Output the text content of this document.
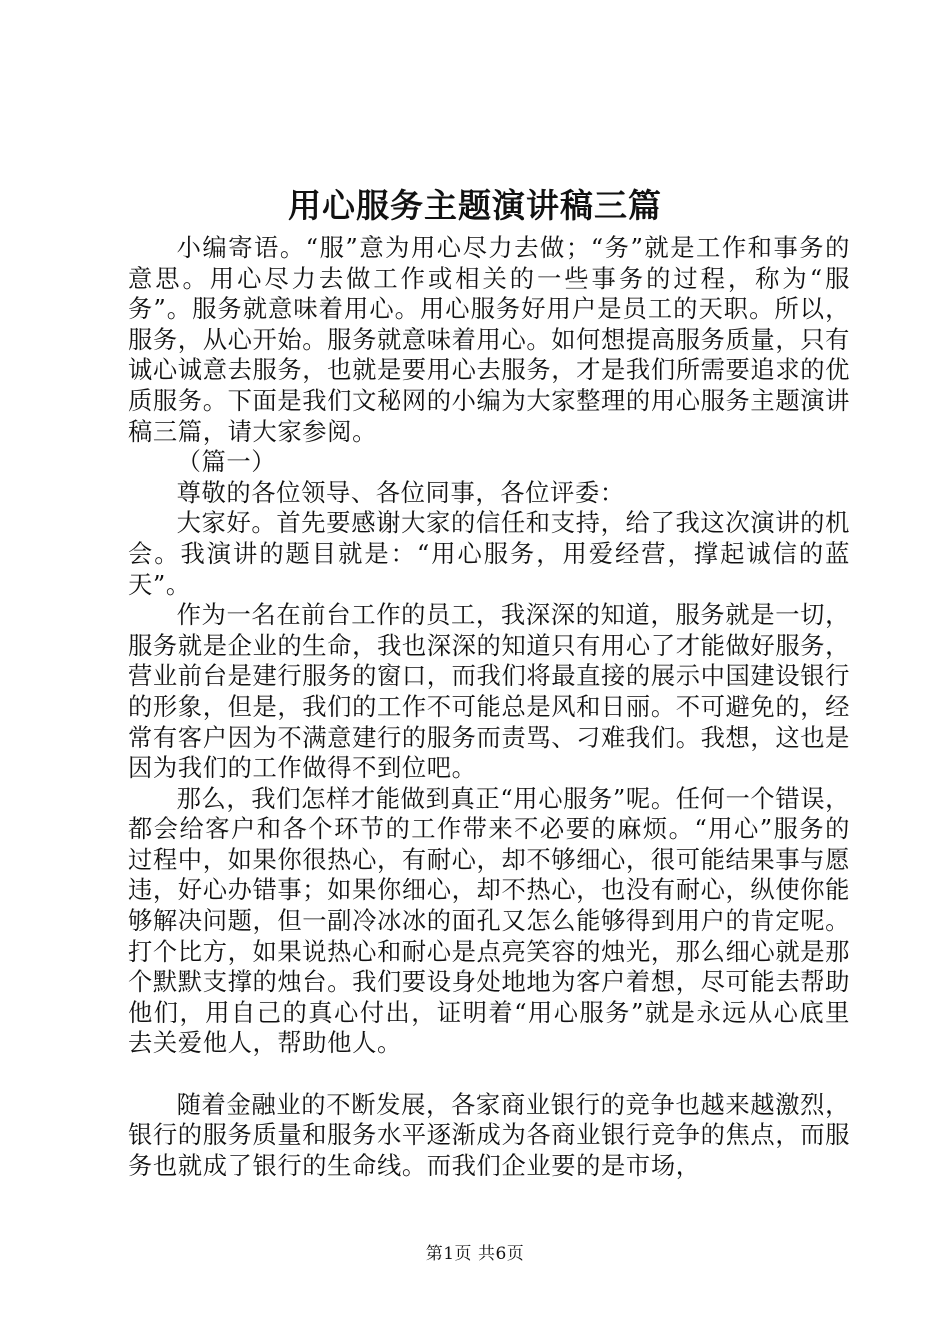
用心服务主题演讲稿三篇

小编寄语。“服”意为用心尽力去做；“务”就是工作和事务的意思。用心尽力去做工作或相关的一些事务的过程，称为“服务”。服务就意味着用心。用心服务好用户是员工的天职。所以，服务，从心开始。服务就意味着用心。如何想提高服务质量，只有诚心诚意去服务，也就是要用心去服务，才是我们所需要追求的优质服务。下面是我们文秘网的小编为大家整理的用心服务主题演讲稿三篇，请大家参阅。

（篇一）

尊敬的各位领导、各位同事，各位评委：

大家好。首先要感谢大家的信任和支持，给了我这次演讲的机会。我演讲的题目就是：“用心服务，用爱经营，撑起诚信的蓝天”。

作为一名在前台工作的员工，我深深的知道，服务就是一切，服务就是企业的生命，我也深深的知道只有用心了才能做好服务，营业前台是建行服务的窗口，而我们将最直接的展示中国建设银行的形象，但是，我们的工作不可能总是风和日丽。不可避免的，经常有客户因为不满意建行的服务而责骂、刁难我们。我想，这也是因为我们的工作做得不到位吧。

那么，我们怎样才能做到真正“用心服务”呢。任何一个错误，都会给客户和各个环节的工作带来不必要的麻烦。“用心”服务的过程中，如果你很热心，有耐心，却不够细心，很可能结果事与愿违，好心办错事；如果你细心，却不热心，也没有耐心，纵使你能够解决问题，但一副冷冰冰的面孔又怎么能够得到用户的肯定呢。打个比方，如果说热心和耐心是点亮笑容的烛光，那么细心就是那个默默支撑的烛台。我们要设身处地地为客户着想，尽可能去帮助他们，用自己的真心付出，证明着“用心服务”就是永远从心底里去关爱他人，帮助他人。

随着金融业的不断发展，各家商业银行的竞争也越来越激烈，银行的服务质量和服务水平逐渐成为各商业银行竞争的焦点，而服务也就成了银行的生命线。而我们企业要的是市场，

第1页 共6页
